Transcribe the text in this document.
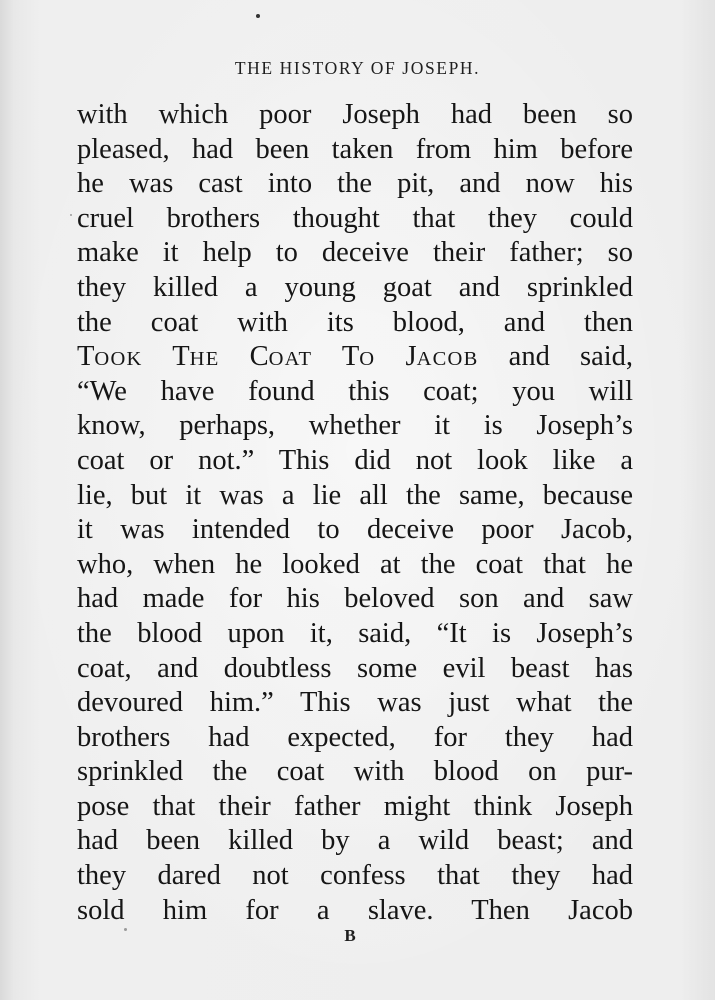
THE HISTORY OF JOSEPH.
with which poor Joseph had been so
pleased, had been taken from him before
he was cast into the pit, and now his
cruel brothers thought that they could
make it help to deceive their father; so
they killed a young goat and sprinkled
the coat with its blood, and then
TOOK THE COAT TO JACOB and said,
“We have found this coat; you will
know, perhaps, whether it is Joseph’s
coat or not.” This did not look like a
lie, but it was a lie all the same, because
it was intended to deceive poor Jacob,
who, when he looked at the coat that he
had made for his beloved son and saw
the blood upon it, said, “It is Joseph’s
coat, and doubtless some evil beast has
devoured him.” This was just what the
brothers had expected, for they had
sprinkled the coat with blood on pur-
pose that their father might think Joseph
had been killed by a wild beast; and
they dared not confess that they had
sold him for a slave. Then Jacob
B
